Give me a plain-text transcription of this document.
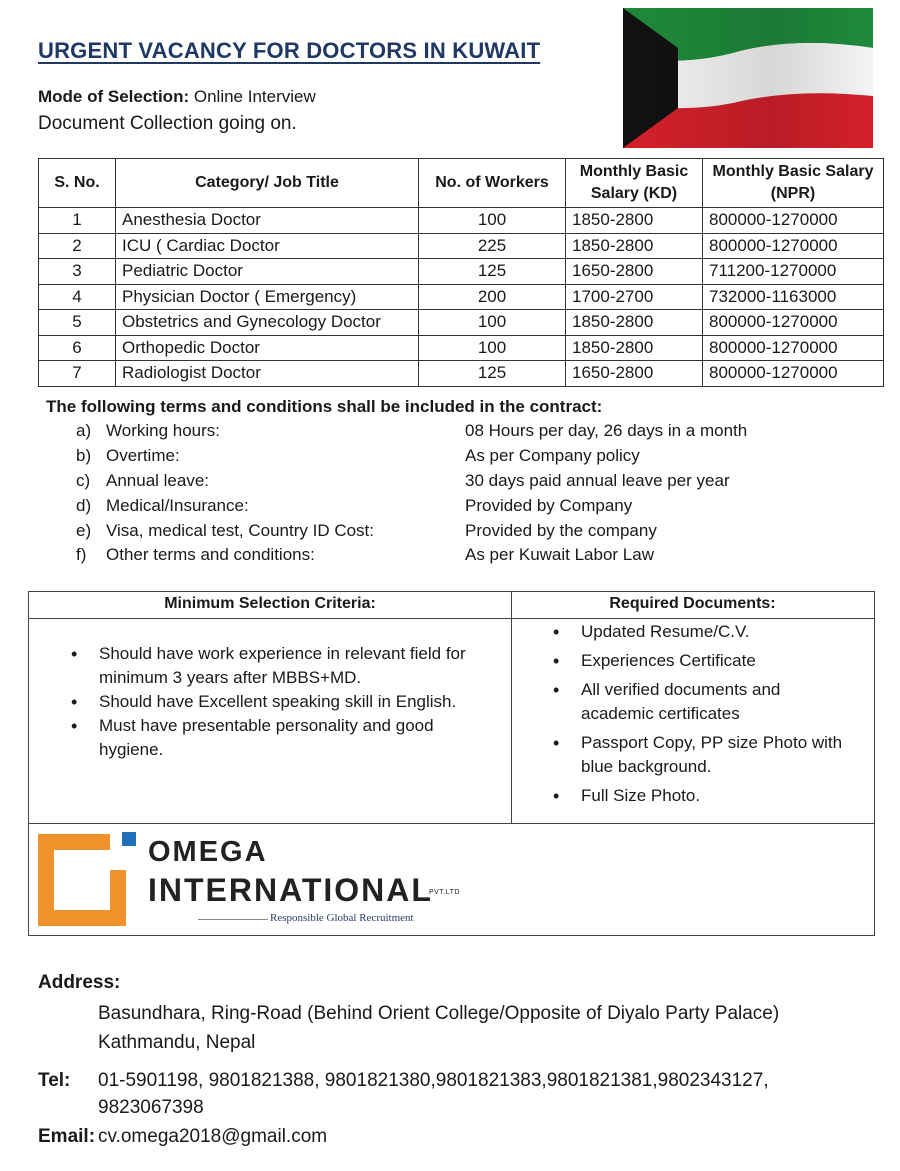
URGENT VACANCY FOR DOCTORS IN KUWAIT
Mode of Selection: Online Interview
Document Collection going on.
S. No.	Category/ Job Title	No. of Workers	Monthly Basic Salary (KD)	Monthly Basic Salary (NPR)
1	Anesthesia Doctor	100	1850-2800	800000-1270000
2	ICU ( Cardiac Doctor	225	1850-2800	800000-1270000
3	Pediatric Doctor	125	1650-2800	711200-1270000
4	Physician Doctor ( Emergency)	200	1700-2700	732000-1163000
5	Obstetrics and Gynecology Doctor	100	1850-2800	800000-1270000
6	Orthopedic Doctor	100	1850-2800	800000-1270000
7	Radiologist Doctor	125	1650-2800	800000-1270000
The following terms and conditions shall be included in the contract:
a) Working hours:	08 Hours per day, 26 days in a month
b) Overtime:	As per Company policy
c) Annual leave:	30 days paid annual leave per year
d) Medical/Insurance:	Provided by Company
e) Visa, medical test, Country ID Cost:	Provided by the company
f)	Other terms and conditions:	As per Kuwait Labor Law
Minimum Selection Criteria:	Required Documents:
• Should have work experience in relevant field for minimum 3 years after MBBS+MD.
• Should have Excellent speaking skill in English.
• Must have presentable personality and good hygiene.
• Updated Resume/C.V.
• Experiences Certificate
• All verified documents and academic certificates
• Passport Copy, PP size Photo with blue background.
• Full Size Photo.
OMEGA
INTERNATIONAL
PVT.LTD
Responsible Global Recruitment
Address:
Basundhara, Ring-Road (Behind Orient College/Opposite of Diyalo Party Palace)
Kathmandu, Nepal
Tel: 01-5901198, 9801821388, 9801821380,9801821383,9801821381,9802343127,
9823067398
Email: cv.omega2018@gmail.com
